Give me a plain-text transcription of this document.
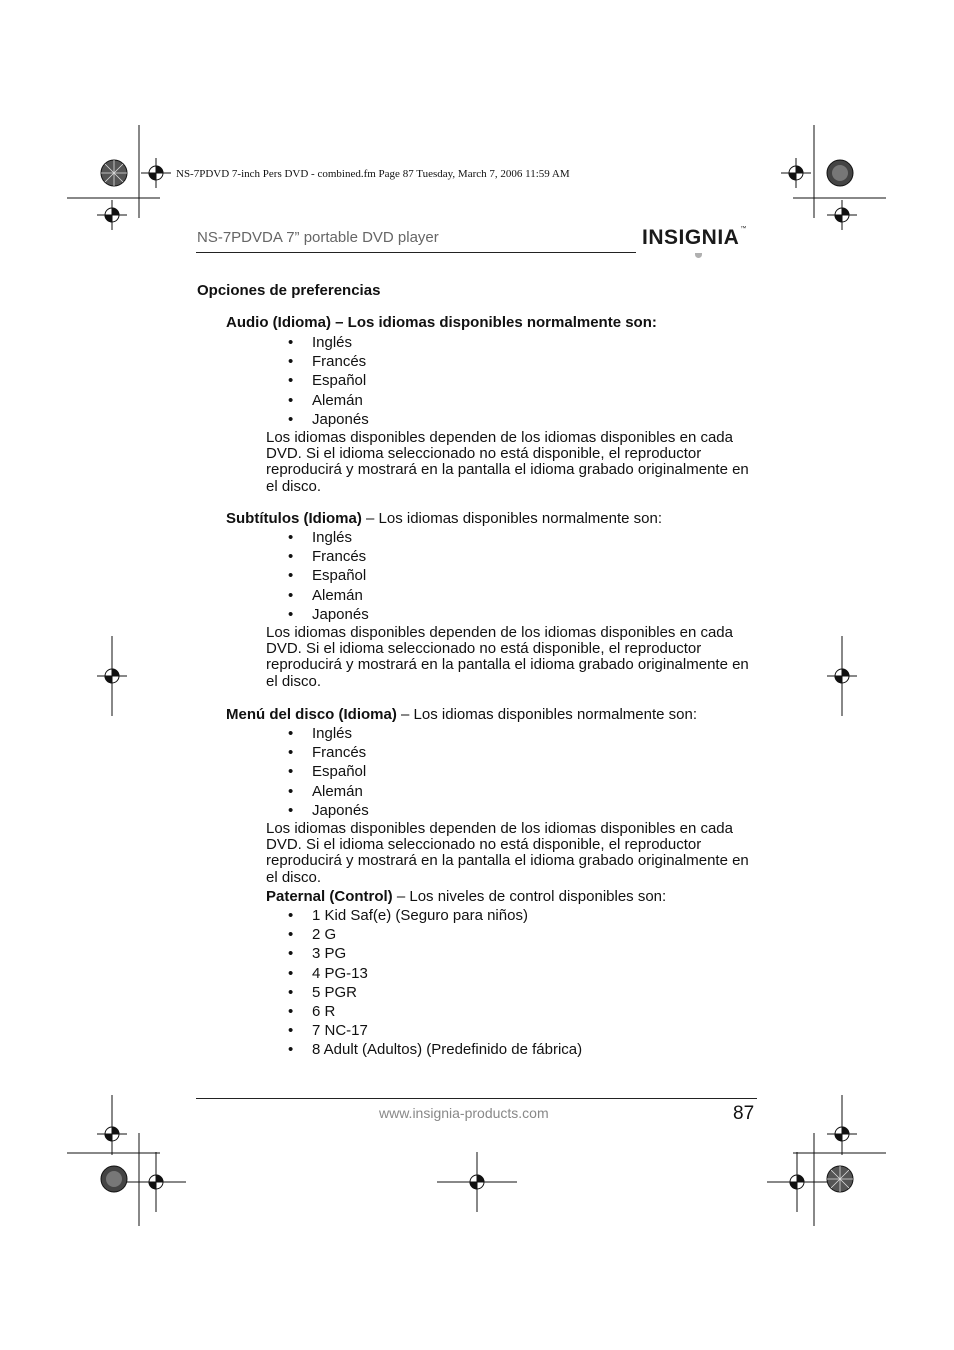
NS-7PDVD 7-inch Pers DVD - combined.fm Page 87 Tuesday, March 7, 2006 11:59 AM
NS-7PDVDA 7” portable DVD player	INSIGNIA™
Opciones de preferencias
Audio (Idioma) – Los idiomas disponibles normalmente son:
• Inglés
• Francés
• Español
• Alemán
• Japonés

Los idiomas disponibles dependen de los idiomas disponibles en cada DVD. Si el idioma seleccionado no está disponible, el reproductor reproducirá y mostrará en la pantalla el idioma grabado originalmente en el disco.

Subtítulos (Idioma) – Los idiomas disponibles normalmente son:
• Inglés
• Francés
• Español
• Alemán
• Japonés

Los idiomas disponibles dependen de los idiomas disponibles en cada DVD. Si el idioma seleccionado no está disponible, el reproductor reproducirá y mostrará en la pantalla el idioma grabado originalmente en el disco.

Menú del disco (Idioma) – Los idiomas disponibles normalmente son:
• Inglés
• Francés
• Español
• Alemán
• Japonés

Los idiomas disponibles dependen de los idiomas disponibles en cada DVD. Si el idioma seleccionado no está disponible, el reproductor reproducirá y mostrará en la pantalla el idioma grabado originalmente en el disco.

Paternal (Control) – Los niveles de control disponibles son:
• 1 Kid Saf(e) (Seguro para niños)
• 2 G
• 3 PG
• 4 PG-13
• 5 PGR
• 6 R
• 7 NC-17
• 8 Adult (Adultos) (Predefinido de fábrica)
www.insignia-products.com	87
